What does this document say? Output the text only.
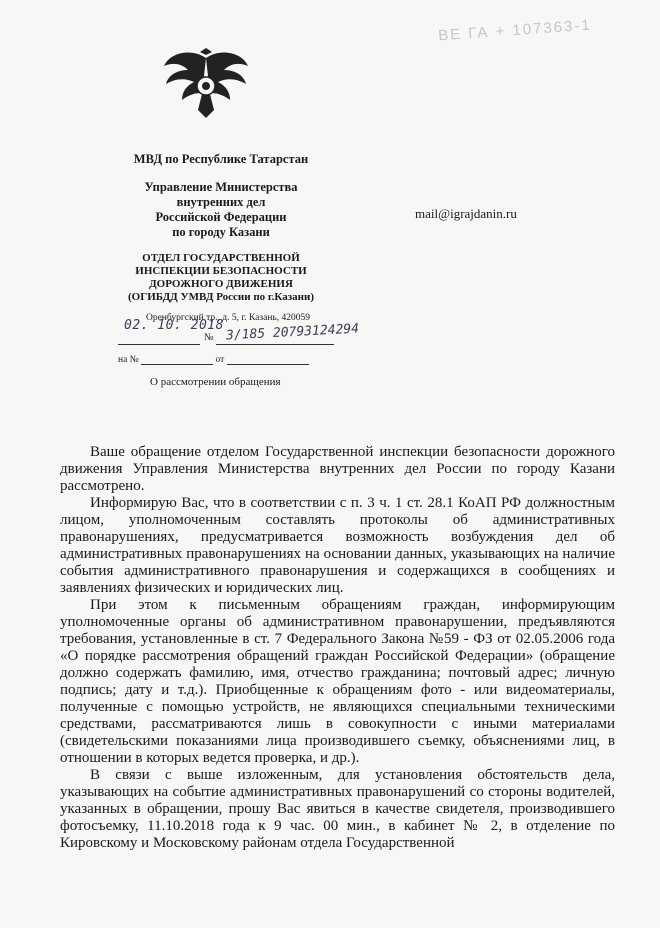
ВЕ ГА + 107363-1
МВД по Республике Татарстан
Управление Министерства
внутренних дел
Российской Федерации
по городу Казани
ОТДЕЛ ГОСУДАРСТВЕННОЙ
ИНСПЕКЦИИ БЕЗОПАСНОСТИ
ДОРОЖНОГО ДВИЖЕНИЯ
(ОГИБДД УМВД России по г.Казани)
Оренбургский тр., д. 5, г. Казань, 420059
02. 10. 2018
№ 3/185 20793124294
на №	от
О рассмотрении обращения
mail@igrajdanin.ru

Ваше обращение отделом Государственной инспекции безопасности дорожного движения Управления Министерства внутренних дел России по городу Казани рассмотрено.

Информирую Вас, что в соответствии с п. 3 ч. 1 ст. 28.1 КоАП РФ должностным лицом, уполномоченным составлять протоколы об административных правонарушениях, предусматривается возможность возбуждения дел об административных правонарушениях на основании данных, указывающих на наличие события административного правонарушения и содержащихся в сообщениях и заявлениях физических и юридических лиц.

При этом к письменным обращениям граждан, информирующим уполномоченные органы об административном правонарушении, предъявляются требования, установленные в ст. 7 Федерального Закона №59 - ФЗ от 02.05.2006 года «О порядке рассмотрения обращений граждан Российской Федерации» (обращение должно содержать фамилию, имя, отчество гражданина; почтовый адрес; личную подпись; дату и т.д.). Приобщенные к обращениям фото - или видеоматериалы, полученные с помощью устройств, не являющихся специальными техническими средствами, рассматриваются лишь в совокупности с иными материалами (свидетельскими показаниями лица производившего съемку, объяснениями лиц, в отношении в которых ведется проверка, и др.).

В связи с выше изложенным, для установления обстоятельств дела, указывающих на событие административных правонарушений со стороны водителей, указанных в обращении, прошу Вас явиться в качестве свидетеля, производившего фотосъемку, 11.10.2018 года к 9 час. 00 мин., в кабинет № 2, в отделение по Кировскому и Московскому районам отдела Государственной
